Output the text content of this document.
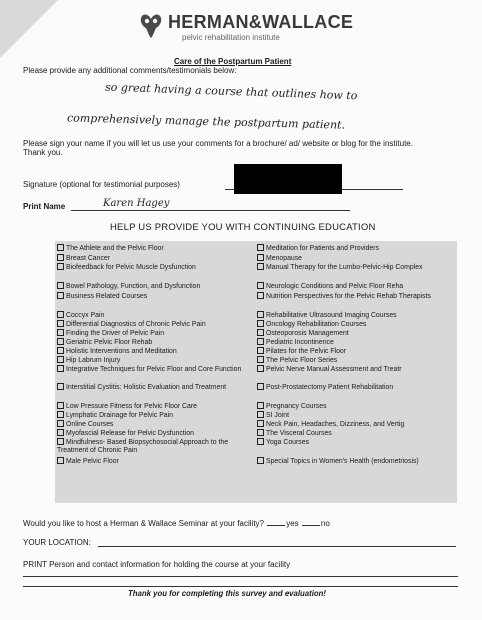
HERMAN&WALLACE
pelvic rehabilitation institute
Care of the Postpartum Patient
Please provide any additional comments/testimonials below:
so great having a course that outlines how to
comprehensively manage the postpartum patient.
Please sign your name if you will let us use your comments for a brochure/ ad/ website or blog for the institute.
Thank you.
Signature (optional for testimonial purposes)
Print Name	Karen Hagey
HELP US PROVIDE YOU WITH CONTINUING EDUCATION
The Athlete and the Pelvic Floor
Breast Cancer
Biofeedback for Pelvic Muscle Dysfunction
Bowel Pathology, Function, and Dysfunction
Business Related Courses
Coccyx Pain
Differential Diagnostics of Chronic Pelvic Pain
Finding the Driver of Pelvic Pain
Geriatric Pelvic Floor Rehab
Holistic Interventions and Meditation
Hip Labrum Injury
Integrative Techniques for Pelvic Floor and Core Function
Interstitial Cystitis: Holistic Evaluation and Treatment
Low Pressure Fitness for Pelvic Floor Care
Lymphatic Drainage for Pelvic Pain
Online Courses
Myofascial Release for Pelvic Dysfunction
Mindfulness- Based Biopsychosocial Approach to the Treatment of Chronic Pain
Male Pelvic Floor
Meditation for Patients and Providers
Menopause
Manual Therapy for the Lumbo-Pelvic-Hip Complex
Neurologic Conditions and Pelvic Floor Reha
Nutrition Perspectives for the Pelvic Rehab Therapists
Rehabilitative Ultrasound Imaging Courses
Oncology Rehabilitation Courses
Osteoporosis Management
Pediatric Incontinence
Pilates for the Pelvic Floor
The Pelvic Floor Series
Pelvic Nerve Manual Assessment and Treatr
Post-Prostatectomy Patient Rehabilitation
Pregnancy Courses
SI Joint
Neck Pain, Headaches, Dizziness, and Vertig
The Visceral Courses
Yoga Courses
Special Topics in Women's Health (endometriosis)
Would you like to host a Herman & Wallace Seminar at your facility?	yes	no
YOUR LOCATION:
PRINT Person and contact information for holding the course at your facility
Thank you for completing this survey and evaluation!
